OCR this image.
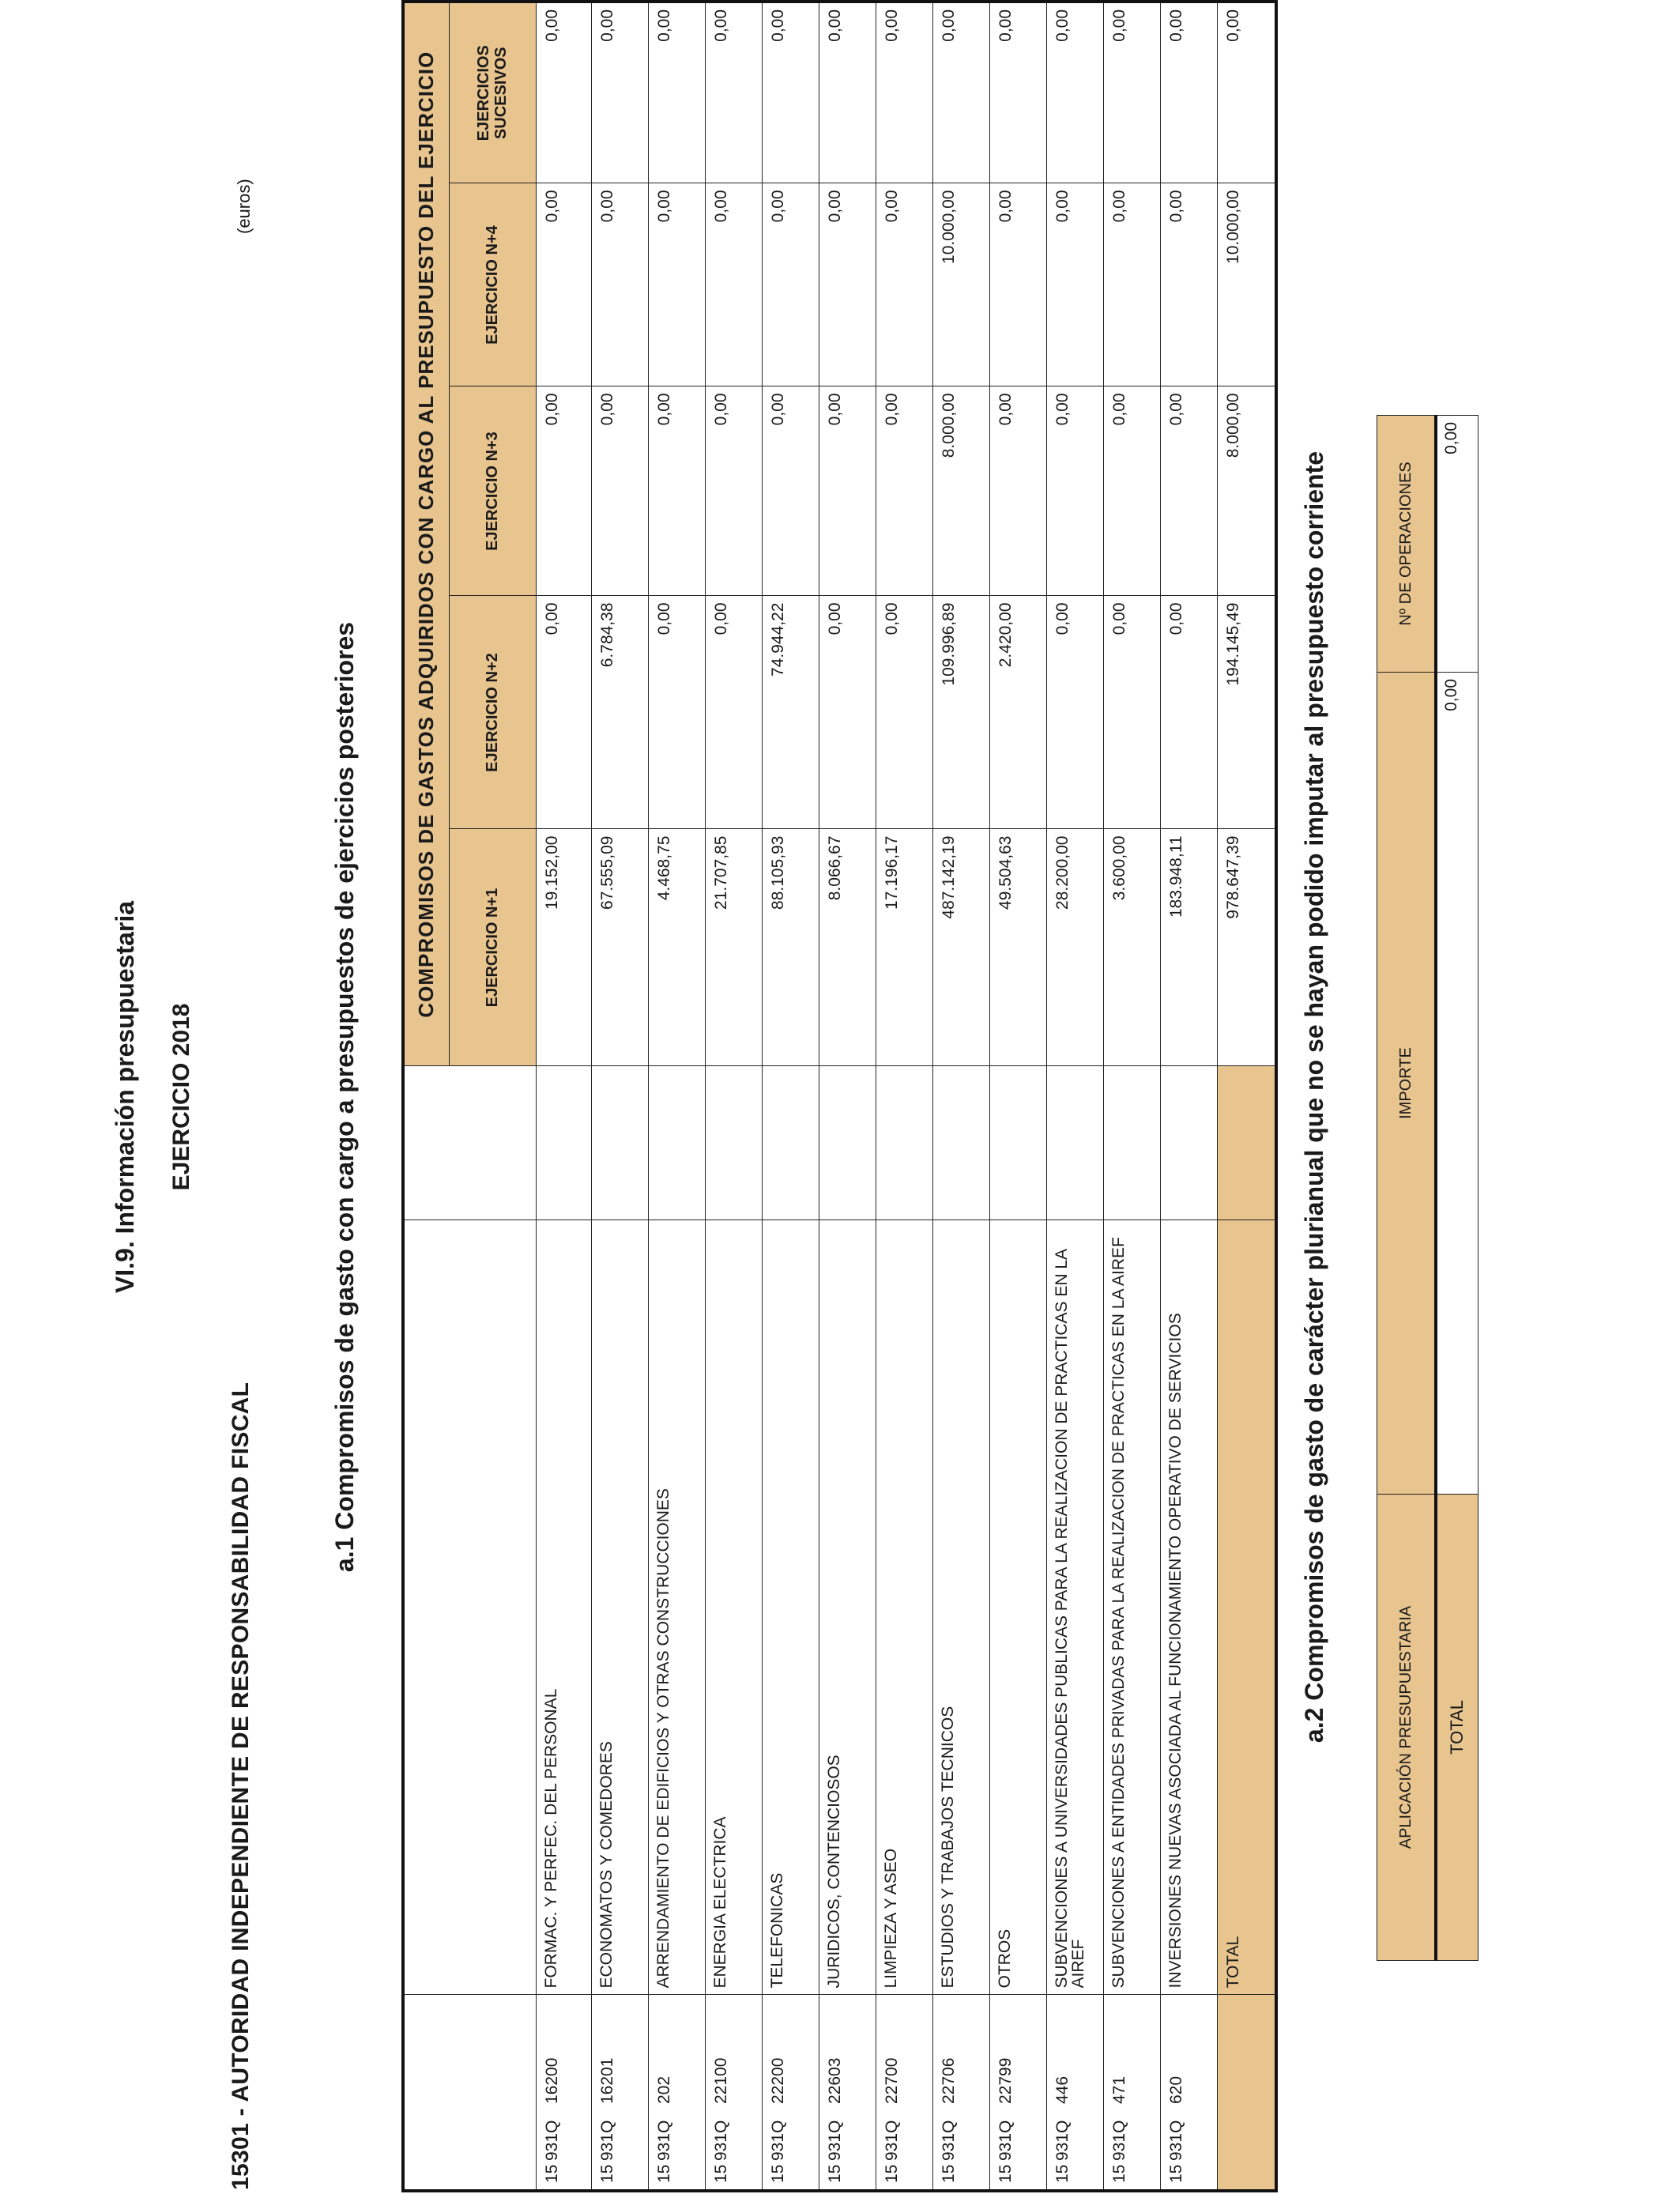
VI.9. Información presupuestaria EJERCICIO 2018
15301 - AUTORIDAD INDEPENDIENTE DE RESPONSABILIDAD FISCAL
(euros)
a.1 Compromisos de gasto con cargo a presupuestos de ejercicios posteriores
			COMPROMISOS DE GASTOS ADQUIRIDOS CON CARGO AL PRESUPUESTO DEL EJERCICIO				
			EJERCICIO N+1	EJERCICIO N+2	EJERCICIO N+3	EJERCICIO N+4	EJERCICIOS SUCESIVOS
15931Q16200	FORMAC. Y PERFEC. DEL PERSONAL		19.152,00	0,00	0,00	0,00	0,00
15931Q16201	ECONOMATOS Y COMEDORES		67.555,09	6.784,38	0,00	0,00	0,00
15931Q202	ARRENDAMIENTO DE EDIFICIOS Y OTRAS CONSTRUCCIONES		4.468,75	0,00	0,00	0,00	0,00
15931Q22100	ENERGIA ELECTRICA		21.707,85	0,00	0,00	0,00	0,00
15931Q22200	TELEFONICAS		88.105,93	74.944,22	0,00	0,00	0,00
15931Q22603	JURIDICOS, CONTENCIOSOS		8.066,67	0,00	0,00	0,00	0,00
15931Q22700	LIMPIEZA Y ASEO		17.196,17	0,00	0,00	0,00	0,00
15931Q22706	ESTUDIOS Y TRABAJOS TECNICOS		487.142,19	109.996,89	8.000,00	10.000,00	0,00
15931Q22799	OTROS		49.504,63	2.420,00	0,00	0,00	0,00
15931Q446	SUBVENCIONES A UNIVERSIDADES PUBLICAS PARA LA REALIZACION DE PRACTICAS EN LA AIREF		28.200,00	0,00	0,00	0,00	0,00
15931Q471	SUBVENCIONES A ENTIDADES PRIVADAS PARA LA REALIZACION DE PRACTICAS EN LA AIREF		3.600,00	0,00	0,00	0,00	0,00
15931Q620	INVERSIONES NUEVAS ASOCIADA AL FUNCIONAMIENTO OPERATIVO DE SERVICIOS		183.948,11	0,00	0,00	0,00	0,00
	TOTAL		978.647,39	194.145,49	8.000,00	10.000,00	0,00
a.2 Compromisos de gasto de carácter plurianual que no se hayan podido imputar al presupuesto corriente	APLICACIÓN PRESUPUESTARIA	IMPORTE	Nº DE OPERACIONES
TOTAL	0,00	0,00
